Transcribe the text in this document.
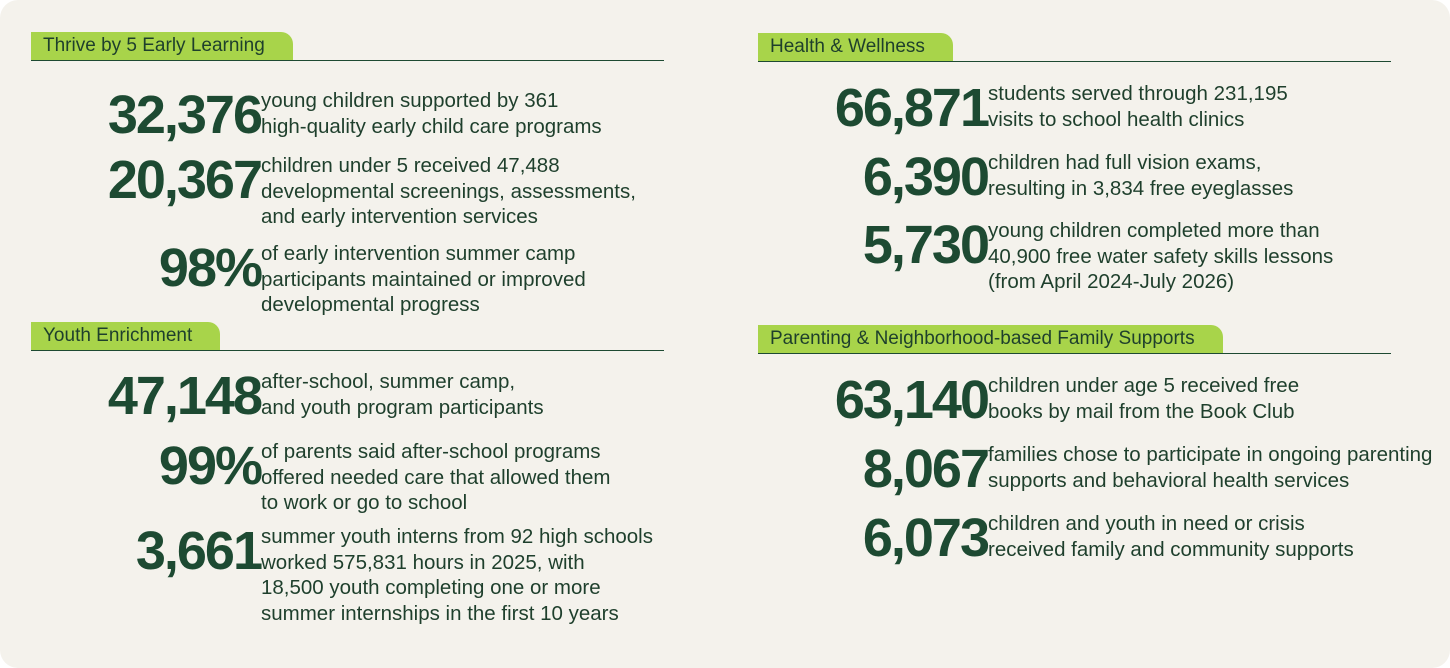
Thrive by 5 Early Learning
32,376 young children supported by 361
high-quality early child care programs
20,367 children under 5 received 47,488
developmental screenings, assessments,
and early intervention services
98% of early intervention summer camp
participants maintained or improved
developmental progress
Youth Enrichment
47,148 after-school, summer camp,
and youth program participants
99% of parents said after-school programs
offered needed care that allowed them
to work or go to school
3,661 summer youth interns from 92 high schools
worked 575,831 hours in 2025, with
18,500 youth completing one or more
summer internships in the first 10 years
Health & Wellness
66,871 students served through 231,195
visits to school health clinics
6,390 children had full vision exams,
resulting in 3,834 free eyeglasses
5,730 young children completed more than
40,900 free water safety skills lessons
(from April 2024-July 2026)
Parenting & Neighborhood-based Family Supports
63,140 children under age 5 received free
books by mail from the Book Club
8,067 families chose to participate in ongoing parenting
supports and behavioral health services
6,073 children and youth in need or crisis
received family and community supports
